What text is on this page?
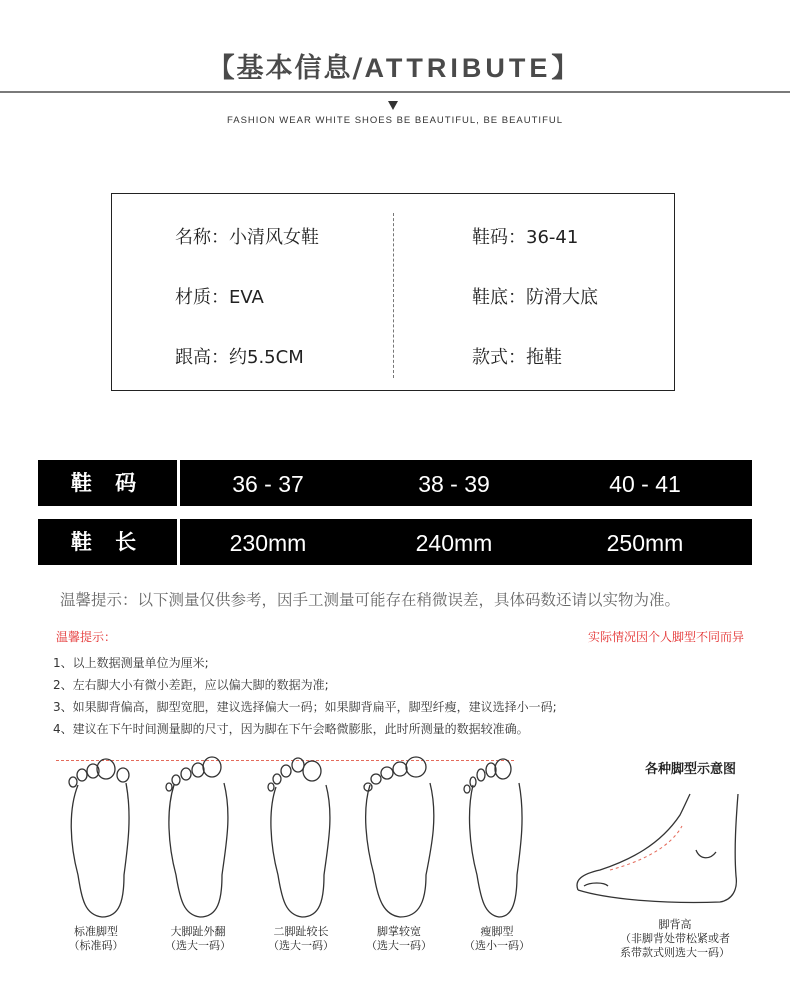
【基本信息/ATTRIBUTE】
FASHION WEAR WHITE SHOES BE BEAUTIFUL, BE BEAUTIFUL
名称：小清风女鞋	鞋码：36-41
材质：EVA	鞋底：防滑大底
跟高：约5.5CM	款式：拖鞋
鞋 码	36 - 37	38 - 39	40 - 41
鞋 长	230mm	240mm	250mm
温馨提示：以下测量仅供参考，因手工测量可能存在稍微误差，具体码数还请以实物为准。
温馨提示：	实际情况因个人脚型不同而异
1、以上数据测量单位为厘米;
2、左右脚大小有微小差距，应以偏大脚的数据为准;
3、如果脚背偏高，脚型宽肥，建议选择偏大一码；如果脚背扁平，脚型纤瘦，建议选择小一码;
4、建议在下午时间测量脚的尺寸，因为脚在下午会略微膨胀，此时所测量的数据较准确。
标准脚型
（标准码）
大脚趾外翻
（选大一码）
二脚趾较长
（选大一码）
脚掌较宽
（选大一码）
瘦脚型
（选小一码）
各种脚型示意图
脚背高
（非脚背处带松紧或者
系带款式则选大一码）
